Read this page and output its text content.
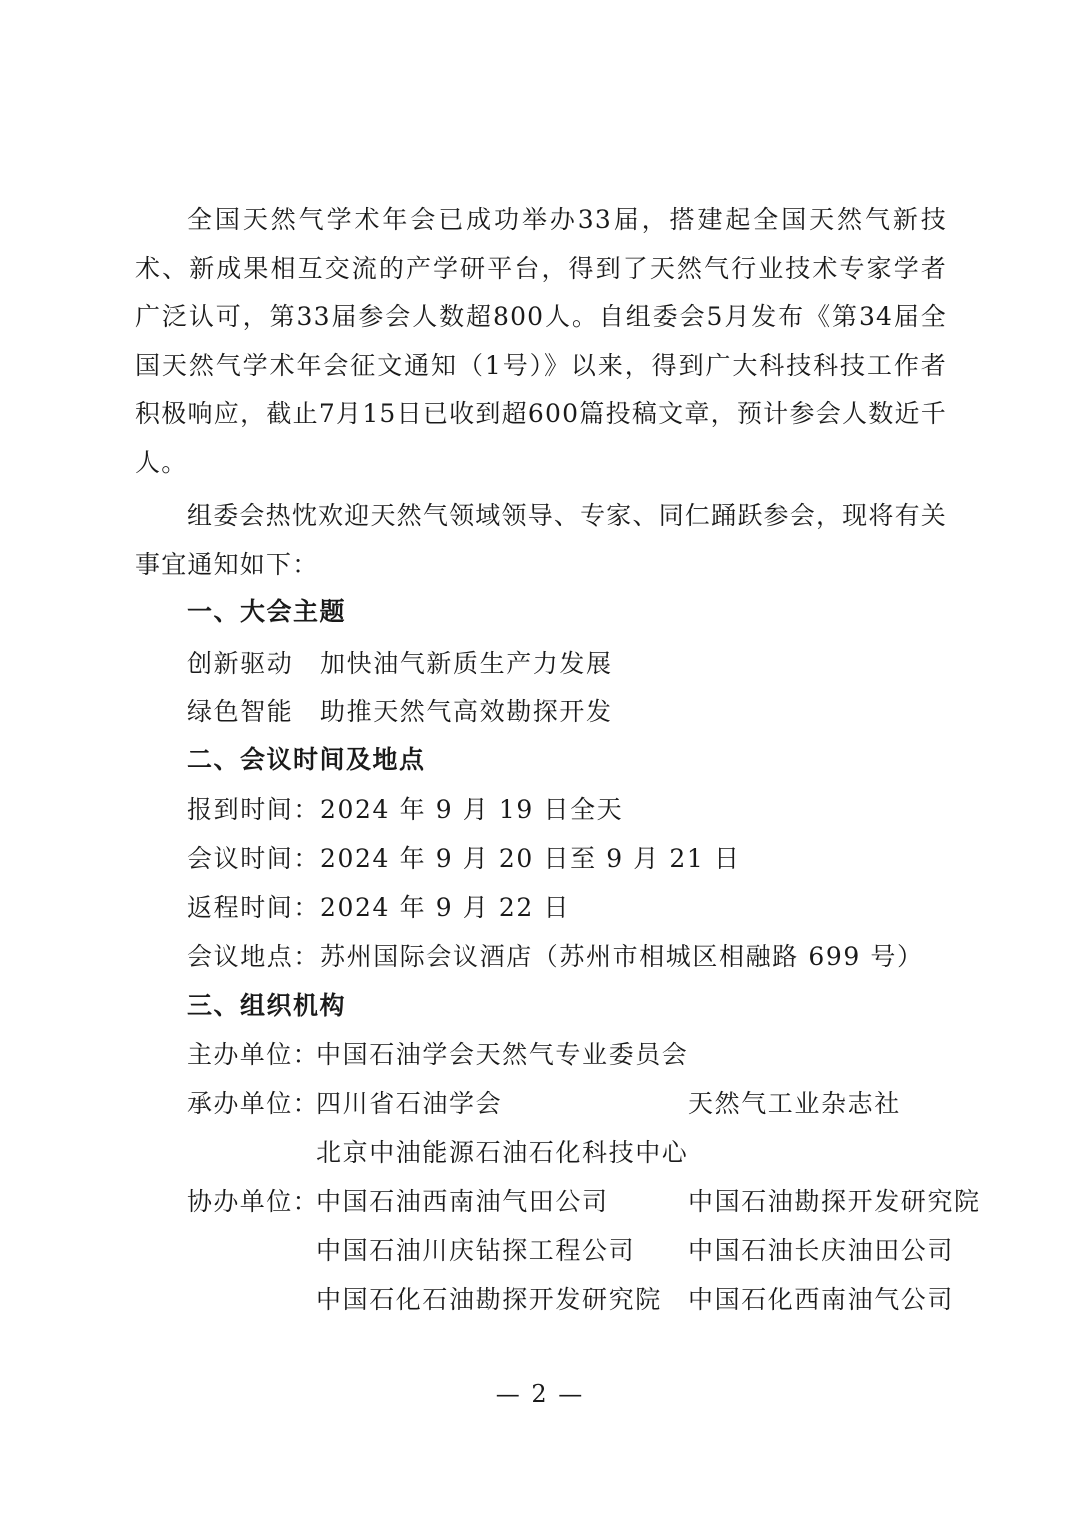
全国天然气学术年会已成功举办33届，搭建起全国天然气新技术、新成果相互交流的产学研平台，得到了天然气行业技术专家学者广泛认可，第33届参会人数超800人。自组委会5月发布《第34届全国天然气学术年会征文通知（1号）》以来，得到广大科技科技工作者积极响应，截止7月15日已收到超600篇投稿文章，预计参会人数近千人。

组委会热忱欢迎天然气领域领导、专家、同仁踊跃参会，现将有关事宜通知如下：

一、大会主题

创新驱动　加快油气新质生产力发展

绿色智能　助推天然气高效勘探开发

二、会议时间及地点

报到时间：2024 年 9 月 19 日全天

会议时间：2024 年 9 月 20 日至 9 月 21 日

返程时间：2024 年 9 月 22 日

会议地点：苏州国际会议酒店（苏州市相城区相融路 699 号）

三、组织机构
主办单位：
中国石油学会天然气专业委员会
承办单位：
四川省石油学会	天然气工业杂志社
北京中油能源石油石化科技中心
协办单位：
中国石油西南油气田公司	中国石油勘探开发研究院
中国石油川庆钻探工程公司 中国石油长庆油田公司
中国石化石油勘探开发研究院 中国石化西南油气公司
— 2 —
